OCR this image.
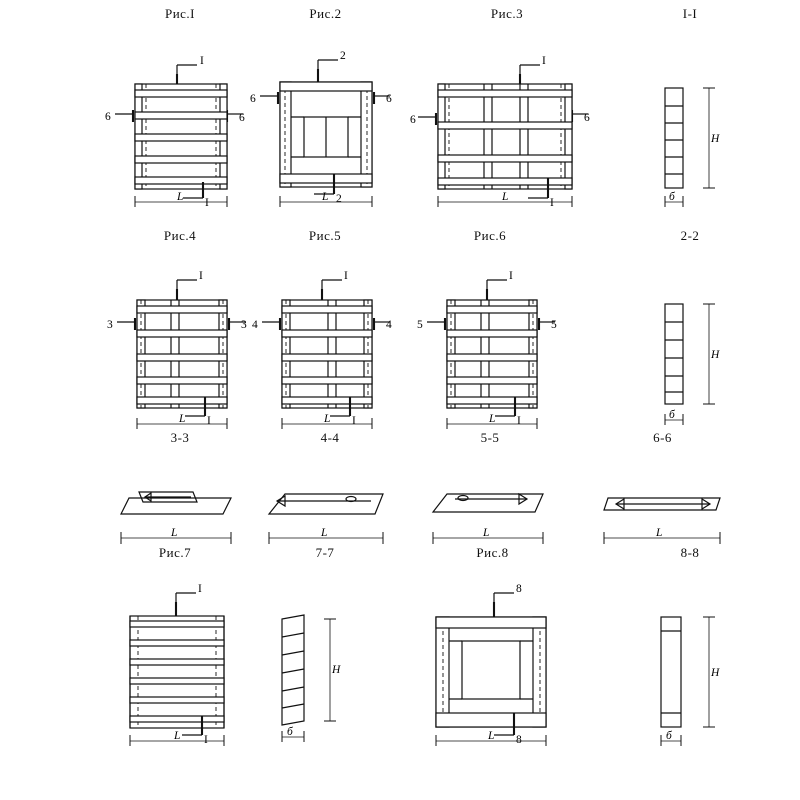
Рис.I
I
6	6
I
L
Рис.2
2
6	6
2
L
Рис.3
I
6	6
I
L
I-I
H
б
Рис.4
I
3	3
I
L
Рис.5
I
4	4
I
L
Рис.6
I
5	5
I
L
2-2
H
б
3-3
L
4-4
L
5-5
L
6-6
L
Рис.7
I
I
L
7-7
H
б
Рис.8
8
8
L
8-8
H
б
